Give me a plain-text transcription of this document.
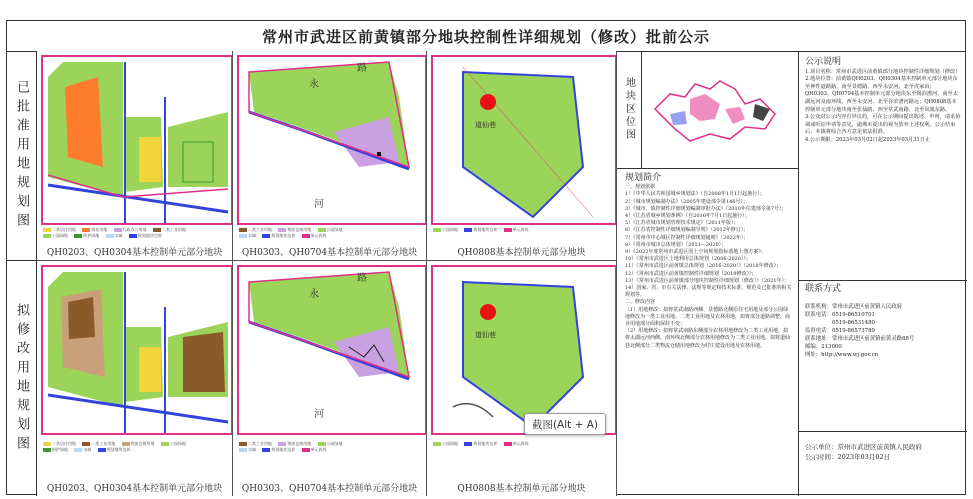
常州市武进区前黄镇部分地块控制性详细规划（修改）批前公示
已批准用地规划图
拟修改用地规划图
二类居住用地	商业用地	行政办公用地	二类工业用地
公园绿地	防护绿地	水域	规划地块边界
QH0203、QH0304基本控制单元部分地块
路
永
河
二类工业用地	物流仓储用地	公园绿地
水域	规划地块边界	单元界线
QH0303、QH0704基本控制单元部分地块
道仙巷
公园绿地	规划地块边界	单元界线
QH0808基本控制单元部分地块
二类居住用地	二类工业用地	物流仓储用地	公园绿地
防护绿地	水域	规划地块边界
QH0203、QH0304基本控制单元部分地块
路
永
河
二类工业用地	物流仓储用地	公园绿地
水域	规划地块边界	单元界线
QH0303、QH0704基本控制单元部分地块
道仙巷
公园绿地	规划地块边界	单元界线
QH0808基本控制单元部分地块
地块区位图
规划简介

一、规划依据

1）《中华人民共和国城乡规划法》（自2008年1月1日起施行）；

2）《城市规划编制办法》（2005年建设部令第146号）；

3）《城市、镇控制性详细规划编制审批办法》（2010年住建部令第7号）；

4）《江苏省城乡规划条例》（自2010年7月1日起施行）；

5）《江苏省城市规划管理技术规定》（2011年版）；

6）《江苏省控制性详细规划编制导则》（2012年修订）；

7）《常州市中心城区控制性详细规划通则》（2022年）；

8）《常州市城市总体规划》（2011—2020）；

9）《2022年度常州市武进区国土空间规划指标落地上图方案》；

10）《常州市武进区土地利用总体规划（2006-2020）》；

11）《常州市武进区前黄镇总体规划（2016-2020）》（2018年修改）；

12）《常州市武进区前黄镇控制性详细规划（2019修改）》；

13）《常州市武进区前黄镇部分地块控制性详细规划（修改）》（2021年）；

14）国家、省、市有关法律、法规等规定和技术标准、规范及已批准的相关规划等。

二、修改内容

（1）用地修改：拟将常武南路西侧、景德路北侧原住宅用地及部分公园绿地修改为一类工业用地、二类工业用地及农林用地，拟将部分道路调整，商业用地部分面积保持不变；

（2）用地修改：拟将常武南路东侧部分农林用地修改为二类工业用地，拟将太湖远河西侧、南环线北侧部分农林用地修改为二类工业用地。拟将道仙巷北侧部分二类物流仓储用地修改为村庄建设用地及农林用地。

公示说明

1.项目名称：常州市武进区前黄镇部分地块控制性详细规划（修改）

2.地块位置：前黄镇QH0203、QH0304基本控制单元部分地块东至神性道路路、南至景德路、西至永安河、北至虎家浜；QH0303、QH0704基本控制单元部分地块东至锡滨漕河、南至太湖远河及南环线、西至永安河、北至谷滨漕河路远；QH0808基本控制单元部分地块南至张仙路、西至常武南路、北至凤凰东路。

3.公众对公示内容有异议的，可在公示期间提出陈述、申辩，请求协调或听证申请等意见，逾期未提出的视为放弃上述权利。公示结束后，本镇将综合各方意见依法批准。

4.公示期限：2023年03月02日起2023年03月31日止

联系方式

联系机构：常州市武进区前黄镇人民政府

联系电话：0519-86510701

　　　　　0519-86531480

监督电话：0519-86573789

联系地址：常州市武进区前黄镇前黄灵路88号

邮编：213000

网址：http://www.wj.gov.cn

公示单位：常州市武进区前黄镇人民政府

公示时间：2023年03月02日

截图(Alt + A)
